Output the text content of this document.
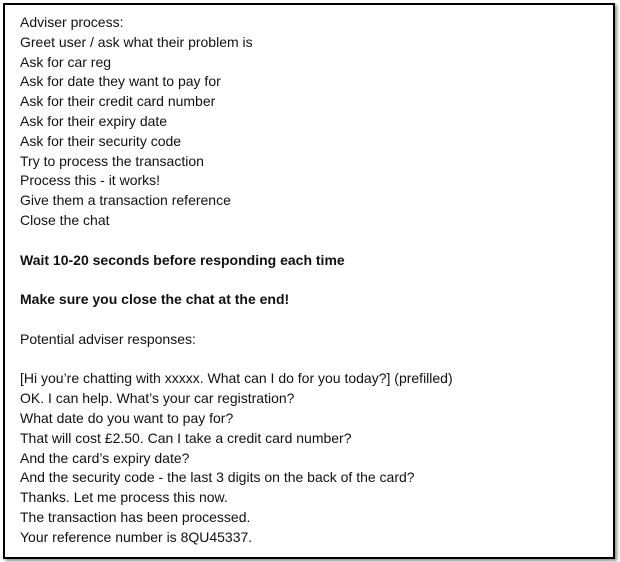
Adviser process:
Greet user / ask what their problem is
Ask for car reg
Ask for date they want to pay for
Ask for their credit card number
Ask for their expiry date
Ask for their security code
Try to process the transaction
Process this - it works!
Give them a transaction reference
Close the chat
Wait 10-20 seconds before responding each time
Make sure you close the chat at the end!
Potential adviser responses:
[Hi you’re chatting with xxxxx. What can I do for you today?] (prefilled)
OK. I can help. What’s your car registration?
What date do you want to pay for?
That will cost £2.50. Can I take a credit card number?
And the card’s expiry date?
And the security code - the last 3 digits on the back of the card?
Thanks. Let me process this now.
The transaction has been processed.
Your reference number is 8QU45337.
